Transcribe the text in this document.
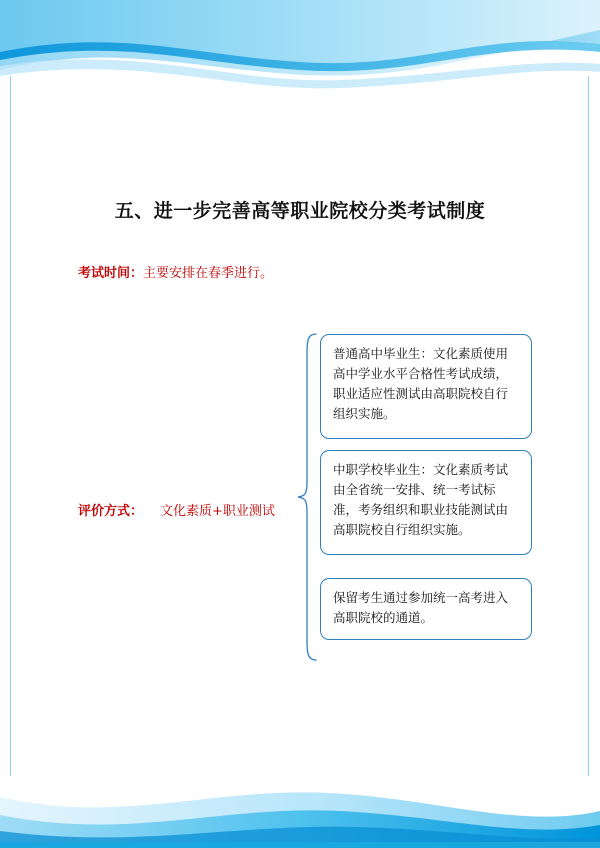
五、进一步完善高等职业院校分类考试制度
考试时间：主要安排在春季进行。
评价方式： 文化素质+职业测试

普通高中毕业生：文化素质使用高中学业水平合格性考试成绩，职业适应性测试由高职院校自行组织实施。

中职学校毕业生：文化素质考试由全省统一安排、统一考试标准，考务组织和职业技能测试由高职院校自行组织实施。

保留考生通过参加统一高考进入高职院校的通道。
